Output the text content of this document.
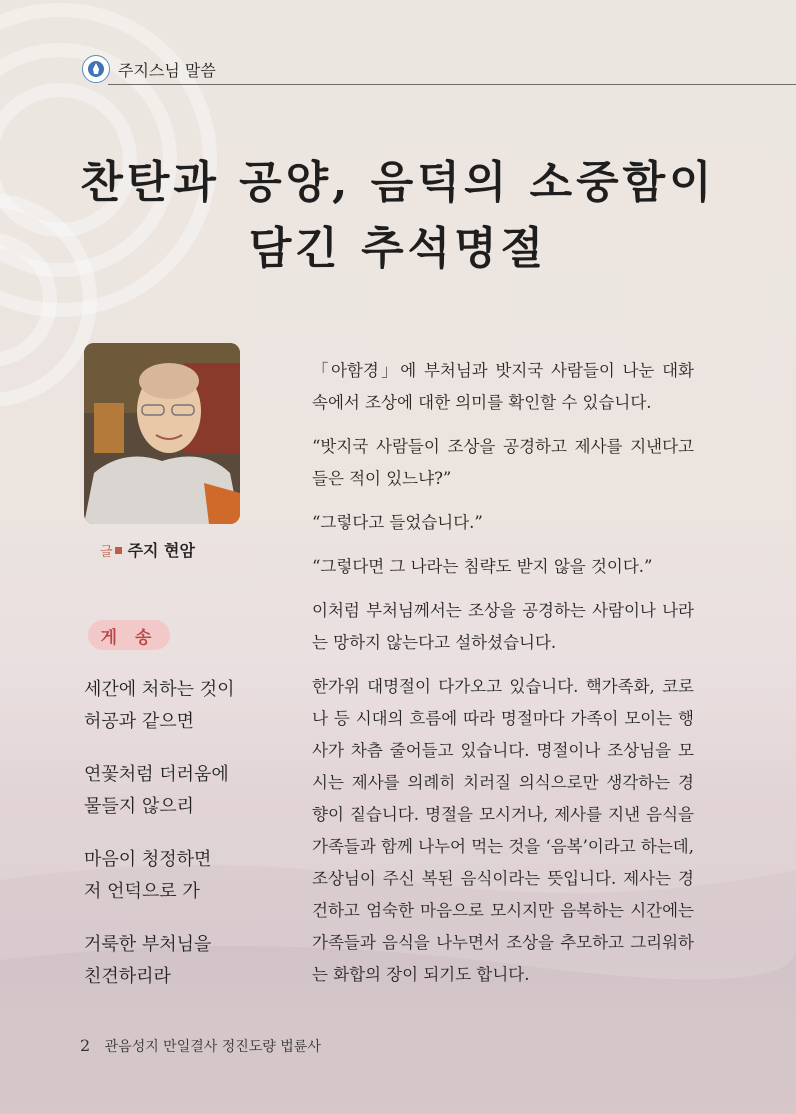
주지스님 말씀
찬탄과 공양, 음덕의 소중함이
담긴 추석명절
글 주지 현암
게 송
세간에 처하는 것이
허공과 같으면
연꽃처럼 더러움에
물들지 않으리
마음이 청정하면
저 언덕으로 가
거룩한 부처님을
친견하리라

「아함경」에 부처님과 밧지국 사람들이 나눈 대화 속에서 조상에 대한 의미를 확인할 수 있습니다.

“밧지국 사람들이 조상을 공경하고 제사를 지낸다고 들은 적이 있느냐?”

“그렇다고 들었습니다.”

“그렇다면 그 나라는 침략도 받지 않을 것이다.”

이처럼 부처님께서는 조상을 공경하는 사람이나 나라는 망하지 않는다고 설하셨습니다.

한가위 대명절이 다가오고 있습니다. 핵가족화, 코로나 등 시대의 흐름에 따라 명절마다 가족이 모이는 행사가 차츰 줄어들고 있습니다. 명절이나 조상님을 모시는 제사를 의례히 치러질 의식으로만 생각하는 경향이 짙습니다. 명절을 모시거나, 제사를 지낸 음식을 가족들과 함께 나누어 먹는 것을 ‘음복’이라고 하는데, 조상님이 주신 복된 음식이라는 뜻입니다. 제사는 경건하고 엄숙한 마음으로 모시지만 음복하는 시간에는 가족들과 음식을 나누면서 조상을 추모하고 그리워하는 화합의 장이 되기도 합니다.

2 관음성지 만일결사 정진도량 법륜사
